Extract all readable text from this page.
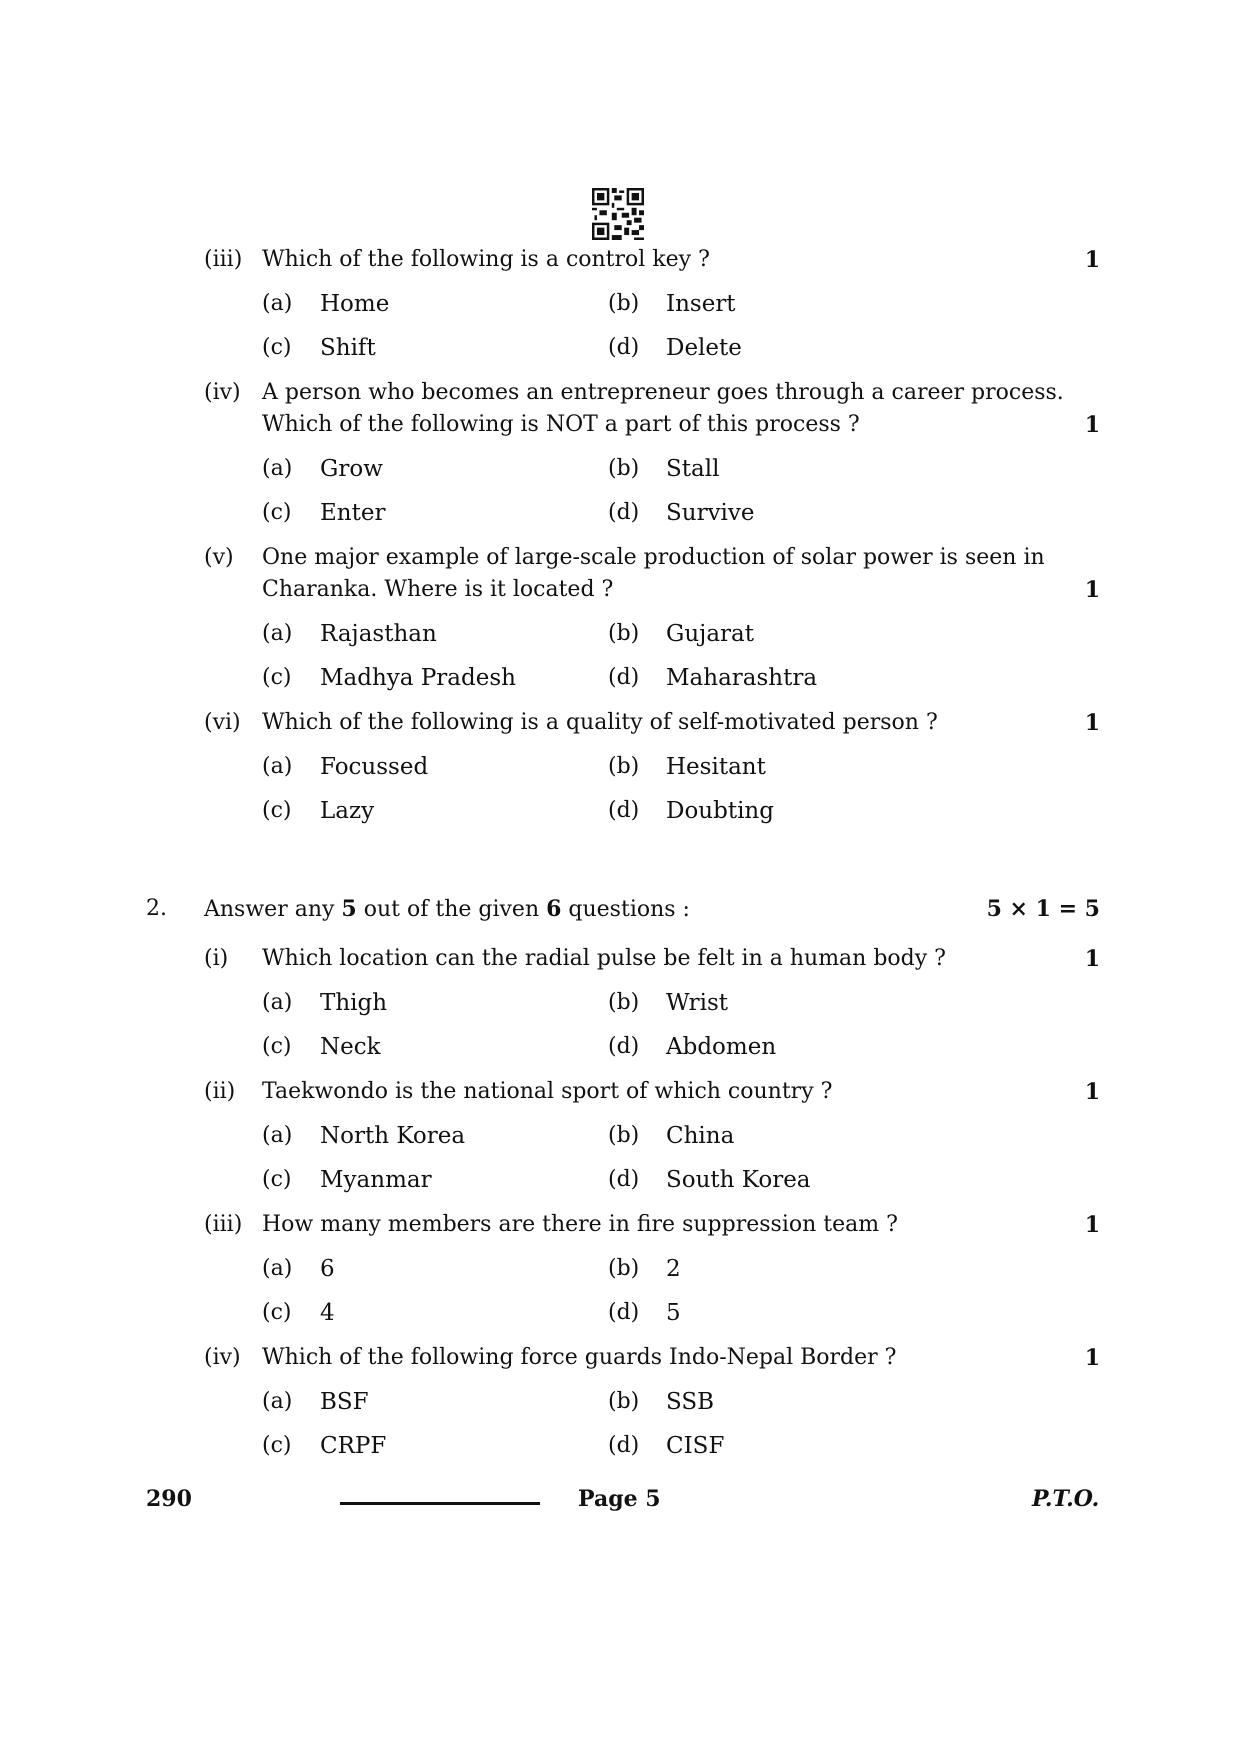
(iii) Which of the following is a control key ?	1
(a) Home	(b) Insert
(c) Shift	(d) Delete
(iv) A person who becomes an entrepreneur goes through a career process.
Which of the following is NOT a part of this process ?	1
(a) Grow	(b) Stall
(c) Enter	(d) Survive
(v) One major example of large-scale production of solar power is seen in
Charanka. Where is it located ?	1
(a) Rajasthan	(b) Gujarat
(c) Madhya Pradesh	(d) Maharashtra
(vi) Which of the following is a quality of self-motivated person ?	1
(a) Focussed	(b) Hesitant
(c) Lazy	(d) Doubting
2. Answer any 5 out of the given 6 questions :	5 × 1 = 5
(i) Which location can the radial pulse be felt in a human body ?	1
(a) Thigh	(b) Wrist
(c) Neck	(d) Abdomen
(ii) Taekwondo is the national sport of which country ?	1
(a) North Korea	(b) China
(c) Myanmar	(d) South Korea
(iii) How many members are there in fire suppression team ?	1
(a) 6	(b) 2
(c) 4	(d) 5
(iv) Which of the following force guards Indo-Nepal Border ?	1
(a) BSF	(b) SSB
(c) CRPF	(d) CISF
290	Page 5	P.T.O.
